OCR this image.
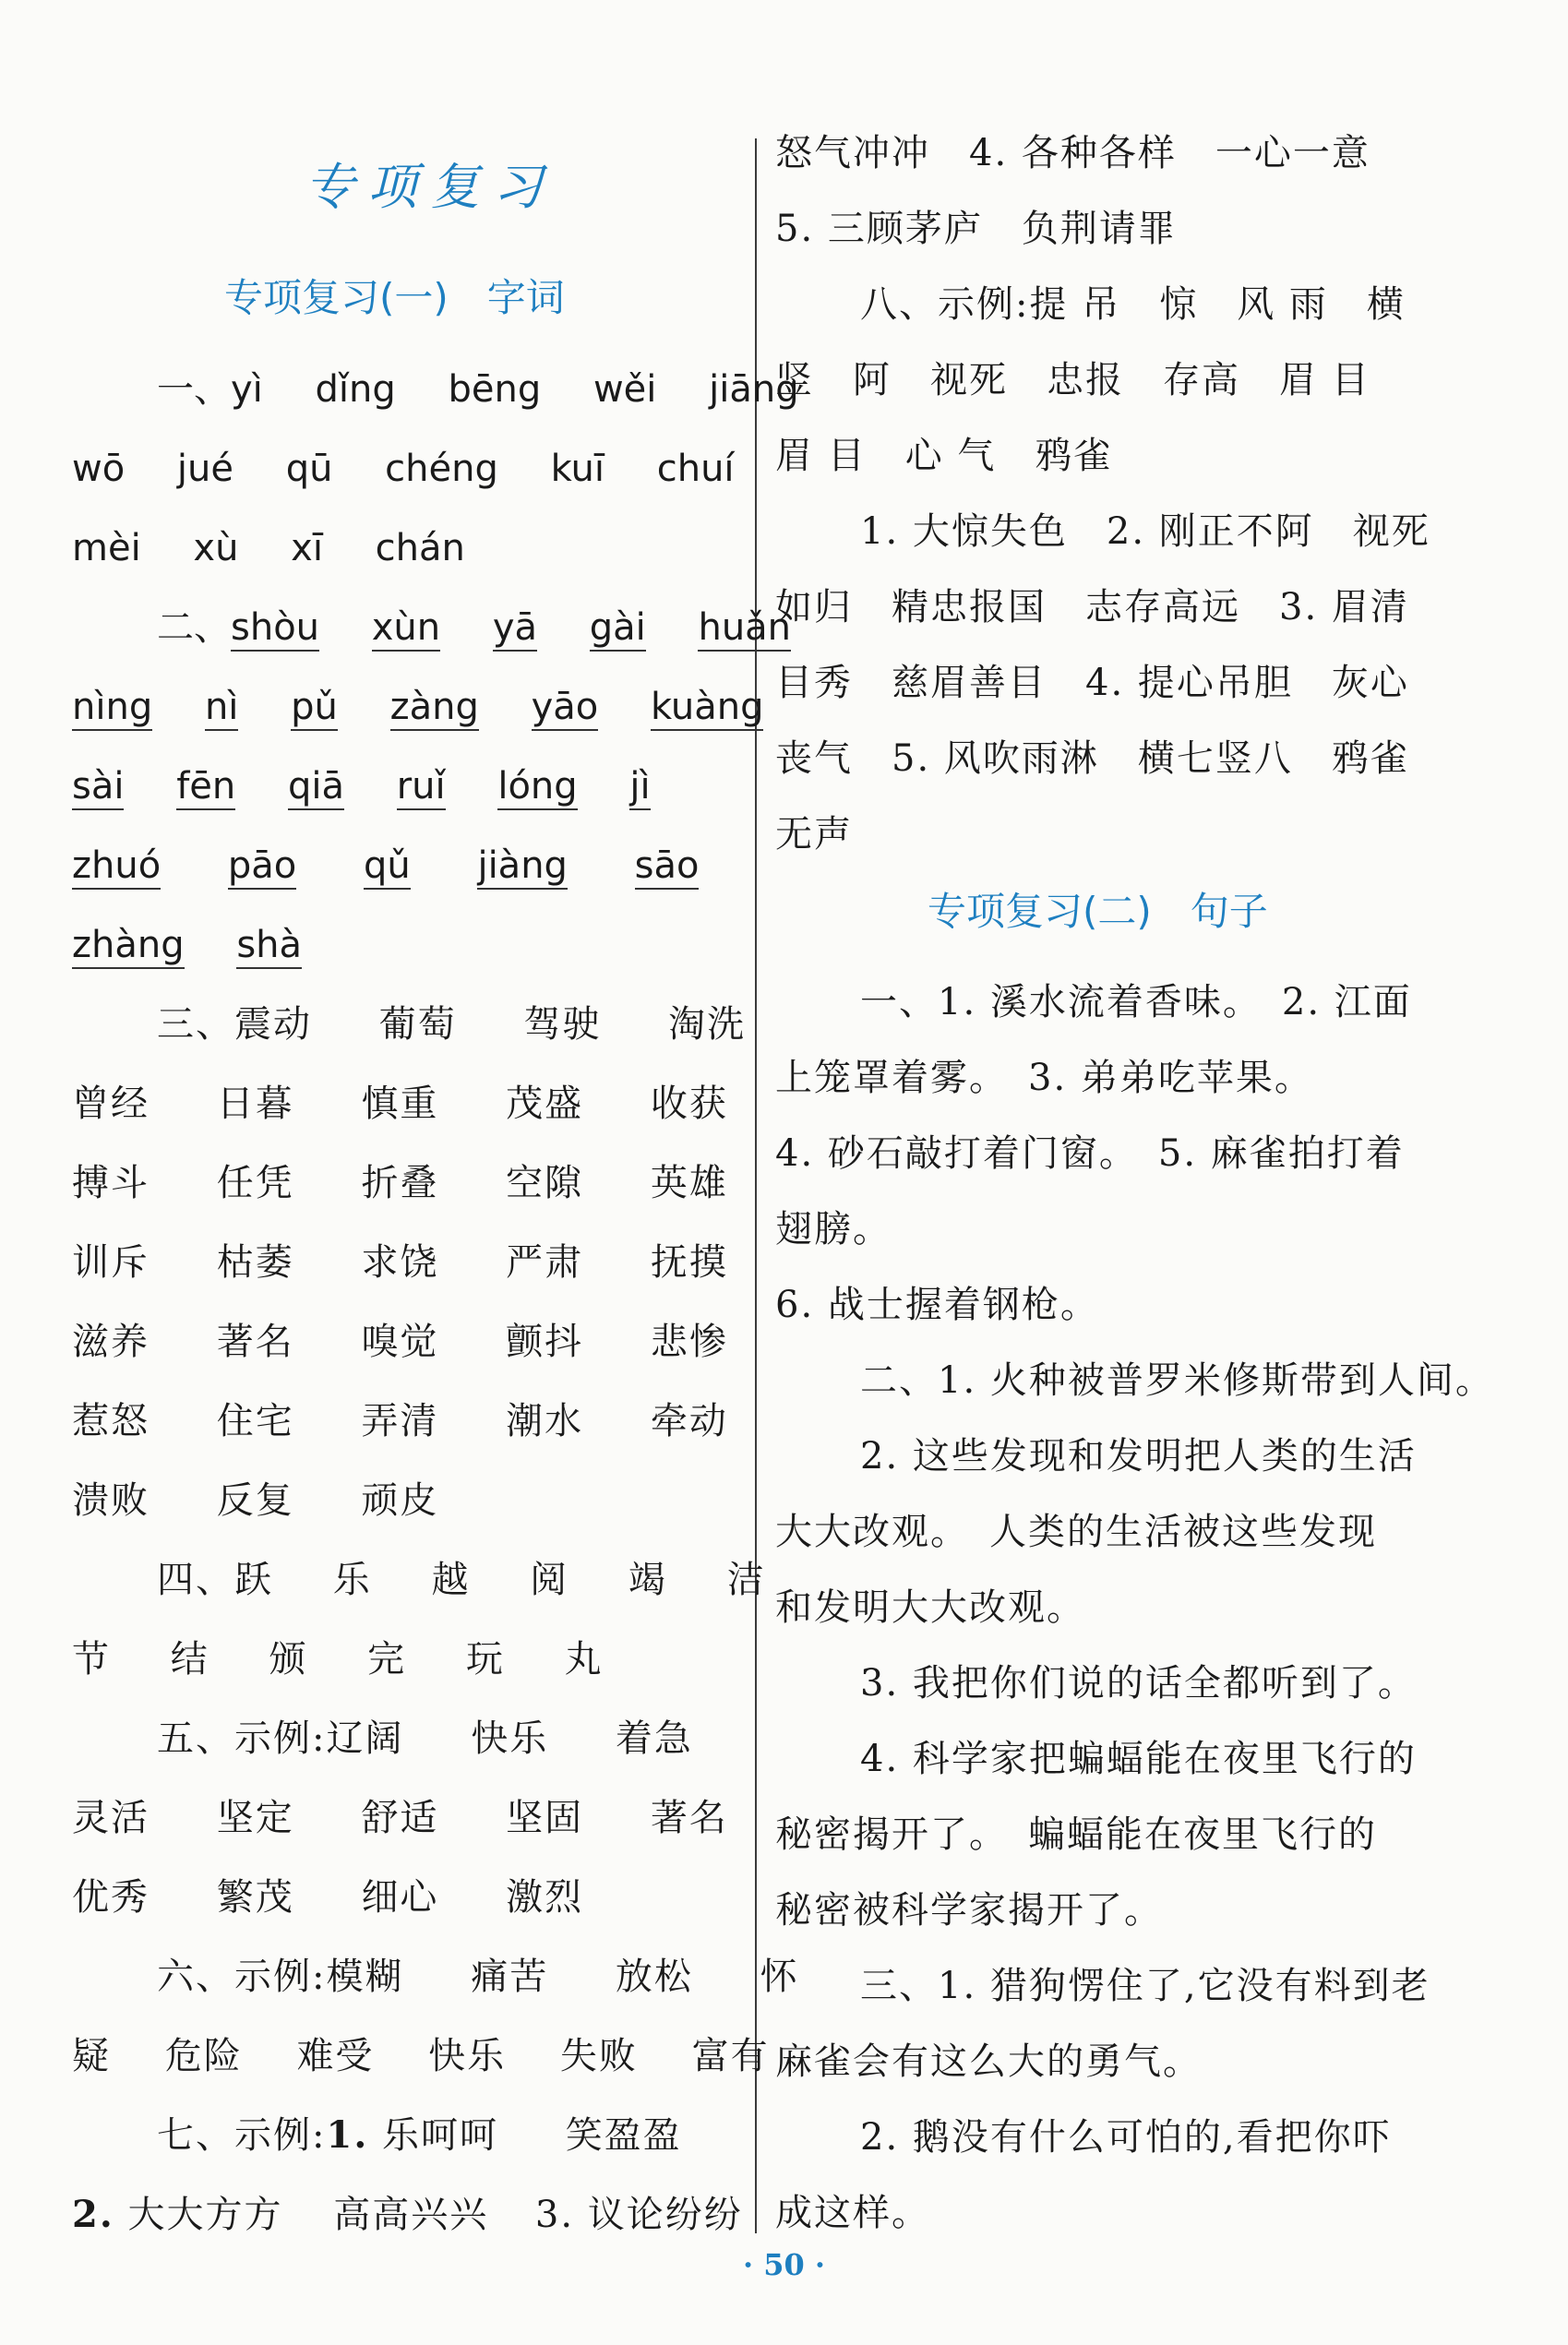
专项复习
专项复习(一)　字词
一、yì dǐng bēng wěi jiāng
wō jué qū chéng kuī chuí
mèi xù xī chán
二、shòu xùn yā gài huǎn
nìng nì pǔ zàng yāo kuàng
sài fēn qiā ruǐ lóng jì
zhuó pāo qǔ jiàng sāo
zhàng shà
三、震动 葡萄 驾驶 淘洗
曾经 日暮 慎重 茂盛 收获
搏斗 任凭 折叠 空隙 英雄
训斥 枯萎 求饶 严肃 抚摸
滋养 著名 嗅觉 颤抖 悲惨
惹怒 住宅 弄清 潮水 牵动
溃败 反复 顽皮
四、跃 乐 越 阅 竭 洁
节 结 颁 完 玩 丸
五、示例:辽阔 快乐 着急
灵活 坚定 舒适 坚固 著名
优秀 繁茂 细心 激烈
六、示例:模糊 痛苦 放松 怀
疑 危险 难受 快乐 失败 富有
七、示例:1. 乐呵呵 笑盈盈
2. 大大方方 高高兴兴 3. 议论纷纷
怒气冲冲　4. 各种各样　一心一意
5. 三顾茅庐　负荆请罪
八、示例:提 吊　惊　风 雨　横
竖　阿　视死　忠报　存高　眉 目
眉 目　心 气　鸦雀
1. 大惊失色　2. 刚正不阿　视死
如归　精忠报国　志存高远　3. 眉清
目秀　慈眉善目　4. 提心吊胆　灰心
丧气　5. 风吹雨淋　横七竖八　鸦雀
无声
专项复习(二)　句子
一、1. 溪水流着香味。　2. 江面
上笼罩着雾。　3. 弟弟吃苹果。
4. 砂石敲打着门窗。　5. 麻雀拍打着
翅膀。
6. 战士握着钢枪。
二、1. 火种被普罗米修斯带到人间。
2. 这些发现和发明把人类的生活
大大改观。　人类的生活被这些发现
和发明大大改观。
3. 我把你们说的话全都听到了。
4. 科学家把蝙蝠能在夜里飞行的
秘密揭开了。　蝙蝠能在夜里飞行的
秘密被科学家揭开了。
三、1. 猎狗愣住了,它没有料到老
麻雀会有这么大的勇气。
2. 鹅没有什么可怕的,看把你吓
成这样。
· 50 ·
